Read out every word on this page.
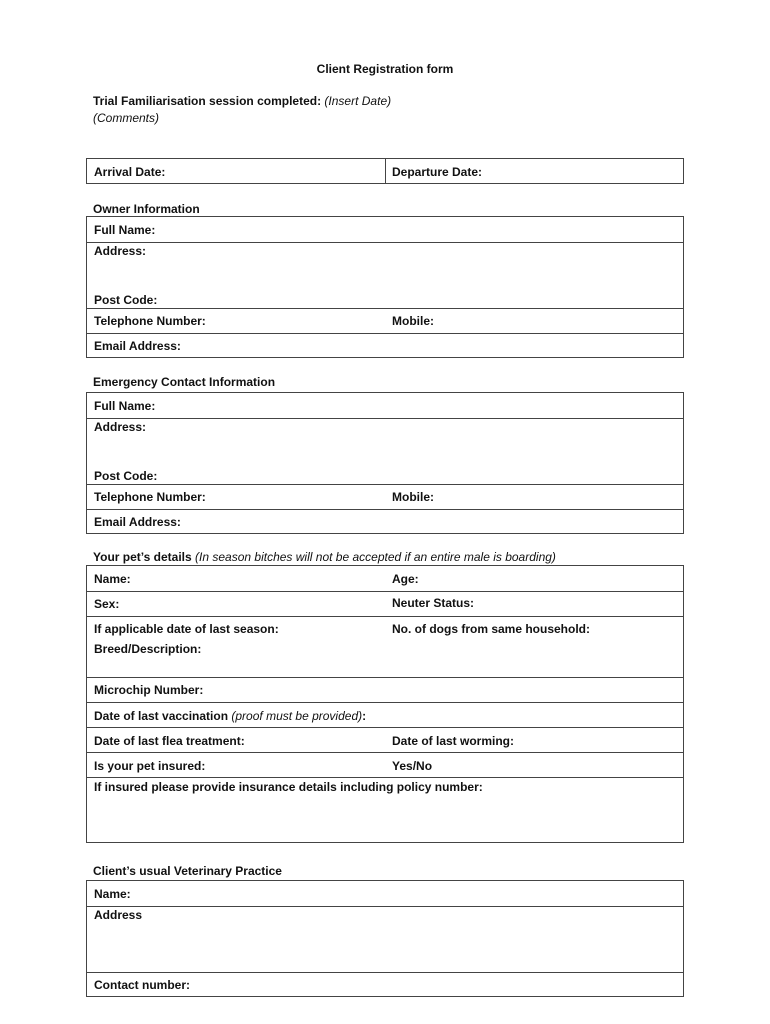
Client Registration form
Trial Familiarisation session completed: (Insert Date)
(Comments)
Arrival Date:	Departure Date:
Owner Information
Full Name:
Address:
Post Code:
Telephone Number:	Mobile:
Email Address:
Emergency Contact Information
Full Name:
Address:
Post Code:
Telephone Number:	Mobile:
Email Address:
Your pet’s details (In season bitches will not be accepted if an entire male is boarding)
Name:	Age:
Sex:	Neuter Status:
If applicable date of last season:	No. of dogs from same household:
Breed/Description:
Microchip Number:
Date of last vaccination (proof must be provided):
Date of last flea treatment:	Date of last worming:
Is your pet insured:	Yes/No
If insured please provide insurance details including policy number:
Client’s usual Veterinary Practice
Name:
Address
Contact number:
